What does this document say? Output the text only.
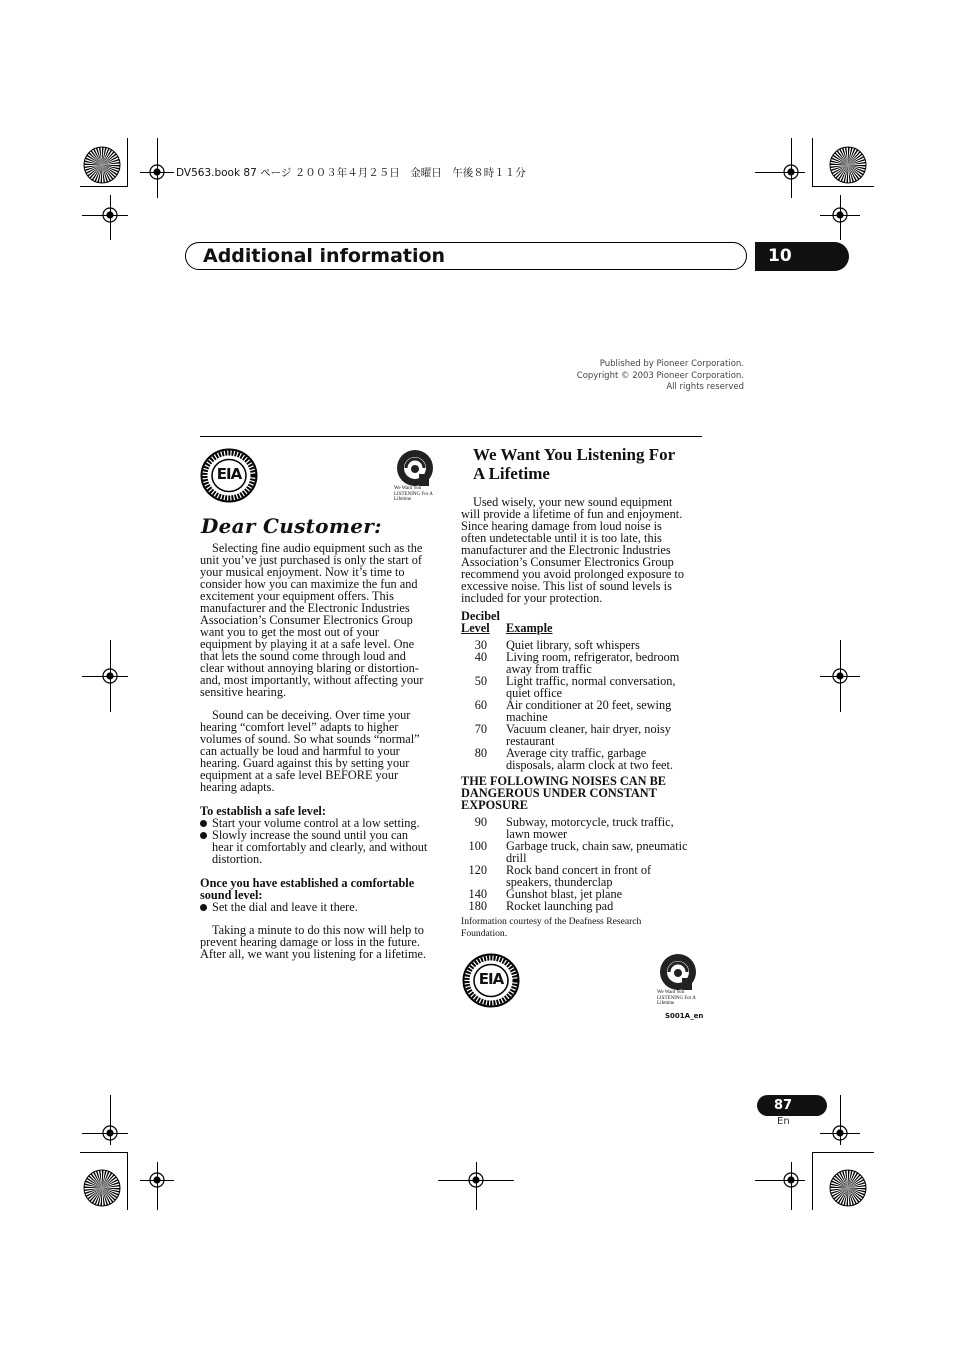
DV563.book 87 ページ ２００３年４月２５日　金曜日　午後８時１１分
Additional information	10
Published by Pioneer Corporation.
Copyright © 2003 Pioneer Corporation.
All rights reserved
EIA
We Want You LISTENING For A Lifetime
Dear Customer:

Selecting fine audio equipment such as the

unit you’ve just purchased is only the start of

your musical enjoyment. Now it’s time to

consider how you can maximize the fun and

excitement your equipment offers. This

manufacturer and the Electronic Industries

Association’s Consumer Electronics Group

want you to get the most out of your

equipment by playing it at a safe level. One

that lets the sound come through loud and

clear without annoying blaring or distortion-

and, most importantly, without affecting your

sensitive hearing.

Sound can be deceiving. Over time your

hearing “comfort level” adapts to higher

volumes of sound. So what sounds “normal”

can actually be loud and harmful to your

hearing. Guard against this by setting your

equipment at a safe level BEFORE your

hearing adapts.

To establish a safe level:
Start your volume control at a low setting.
Slowly increase the sound until you can
hear it comfortably and clearly, and without
distortion.

Once you have established a comfortable

sound level:

Set the dial and leave it there.

Taking a minute to do this now will help to

prevent hearing damage or loss in the future.

After all, we want you listening for a lifetime.

We Want You Listening For
A Lifetime

Used wisely, your new sound equipment

will provide a lifetime of fun and enjoyment.

Since hearing damage from loud noise is

often undetectable until it is too late, this

manufacturer and the Electronic Industries

Association’s Consumer Electronics Group

recommend you avoid prolonged exposure to

excessive noise. This list of sound levels is

included for your protection.

Decibel
Level Example
30 Quiet library, soft whispers
40 Living room, refrigerator, bedroom
away from traffic
50 Light traffic, normal conversation,
quiet office
60 Air conditioner at 20 feet, sewing
machine
70 Vacuum cleaner, hair dryer, noisy
restaurant
80 Average city traffic, garbage
disposals, alarm clock at two feet.
THE FOLLOWING NOISES CAN BE
DANGEROUS UNDER CONSTANT
EXPOSURE
90 Subway, motorcycle, truck traffic,
lawn mower
100 Garbage truck, chain saw, pneumatic
drill
120 Rock band concert in front of
speakers, thunderclap
140 Gunshot blast, jet plane
180 Rocket launching pad
Information courtesy of the Deafness Research
Foundation.
EIA
We Want You LISTENING For A Lifetime
S001A_en
87
En
